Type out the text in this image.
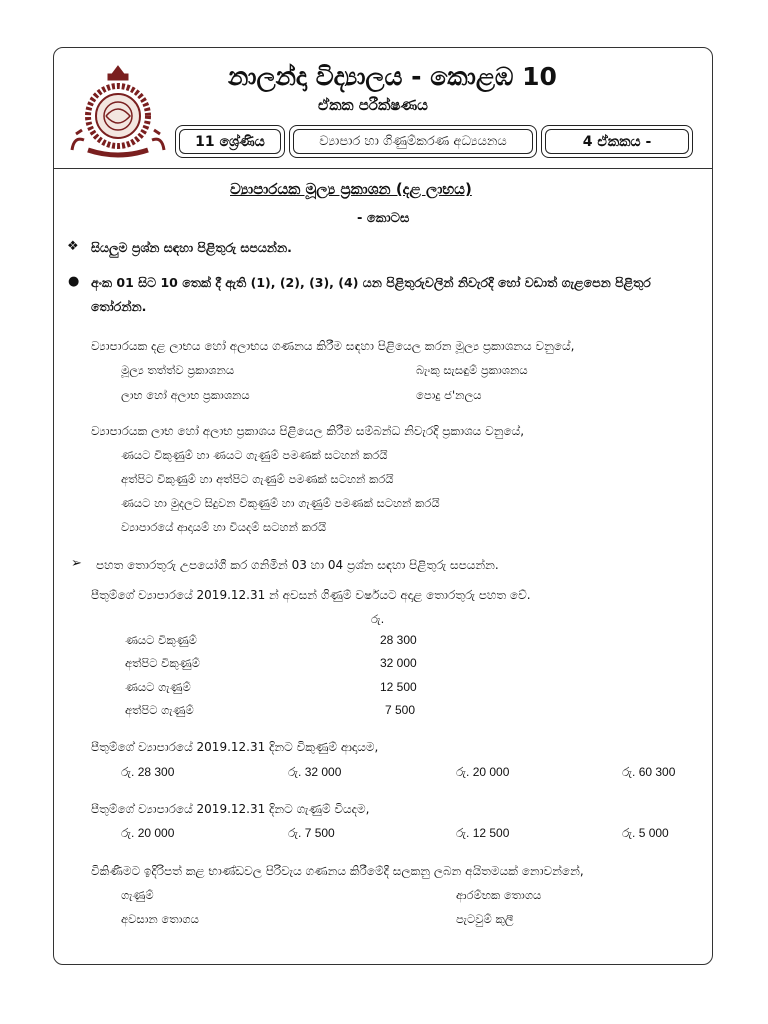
නාලන්දා විද්‍යාලය - කොළඹ 10
ඒකක පරීක්ෂණය
11 ශ්‍රේණිය	ව්‍යාපාර හා ගිණුම්කරණ අධ්‍යයනය	4 ඒකකය -
ව්‍යාපාරයක මූල්‍ය ප්‍රකාශන (දළ ලාභය)
- කොටස
❖ සියලුම ප්‍රශ්න සඳහා පිළිතුරු සපයන්න.
● අංක 01 සිට 10 තෙක් දී ඇති (1), (2), (3), (4) යන පිළිතුරුවලින් නිවැරදි හෝ වඩාත් ගැළපෙන පිළිතුර
තෝරන්න.
ව්‍යාපාරයක දළ ලාභය හෝ අලාභය ගණනය කිරීම සඳහා පිළියෙල කරන මූල්‍ය ප්‍රකාශනය වනුයේ,
මූල්‍ය තත්ත්ව ප්‍රකාශනය	බැංකු සැසඳුම් ප්‍රකාශනය
ලාභ හෝ අලාභ ප්‍රකාශනය	පොදු ජ'නලය
ව්‍යාපාරයක ලාභ හෝ අලාභ ප්‍රකාශය පිළියෙල කිරීම සම්බන්ධ නිවැරදි ප්‍රකාශය වනුයේ,
ණයට විකුණුම් හා ණයට ගැණුම් පමණක් සටහන් කරයි
අත්පිට විකුණුම් හා අත්පිට ගැණුම් පමණක් සටහන් කරයි
ණයට හා මුදලට සිදුවන විකුණුම් හා ගැණුම් පමණක් සටහන් කරයි
ව්‍යාපාරයේ ආදායම් හා වියදම් සටහන් කරයි
➢ පහත තොරතුරු උපයෝගී කර ගනිමින් 03 හා 04 ප්‍රශ්න සඳහා පිළිතුරු සපයන්න.
පීතුම්ගේ ව්‍යාපාරයේ 2019.12.31 න් අවසන් ගිණුම් වර්ෂයට අදාළ තොරතුරු පහත වේ.
රු.
ණයට විකුණුම්	28 300
අත්පිට විකුණුම්	32 000
ණයට ගැණුම්	12 500
අත්පිට ගැණුම්	7 500
පීතුම්ගේ ව්‍යාපාරයේ 2019.12.31 දිනට විකුණුම් ආදායම,
රු. 28 300	රු. 32 000	රු. 20 000	රු. 60 300
පීතුම්ගේ ව්‍යාපාරයේ 2019.12.31 දිනට ගැණුම් වියදම,
රු. 20 000	රු. 7 500	රු. 12 500	රු. 5 000
විකිණීමට ඉදිරිපත් කළ භාණ්ඩවල පිරිවැය ගණනය කිරීමේදී සලකනු ලබන අයිතමයක් නොවන්නේ,
ගැණුම්	ආරම්භක තොගය
අවසාන තොගය	පැටවුම් කුලී
